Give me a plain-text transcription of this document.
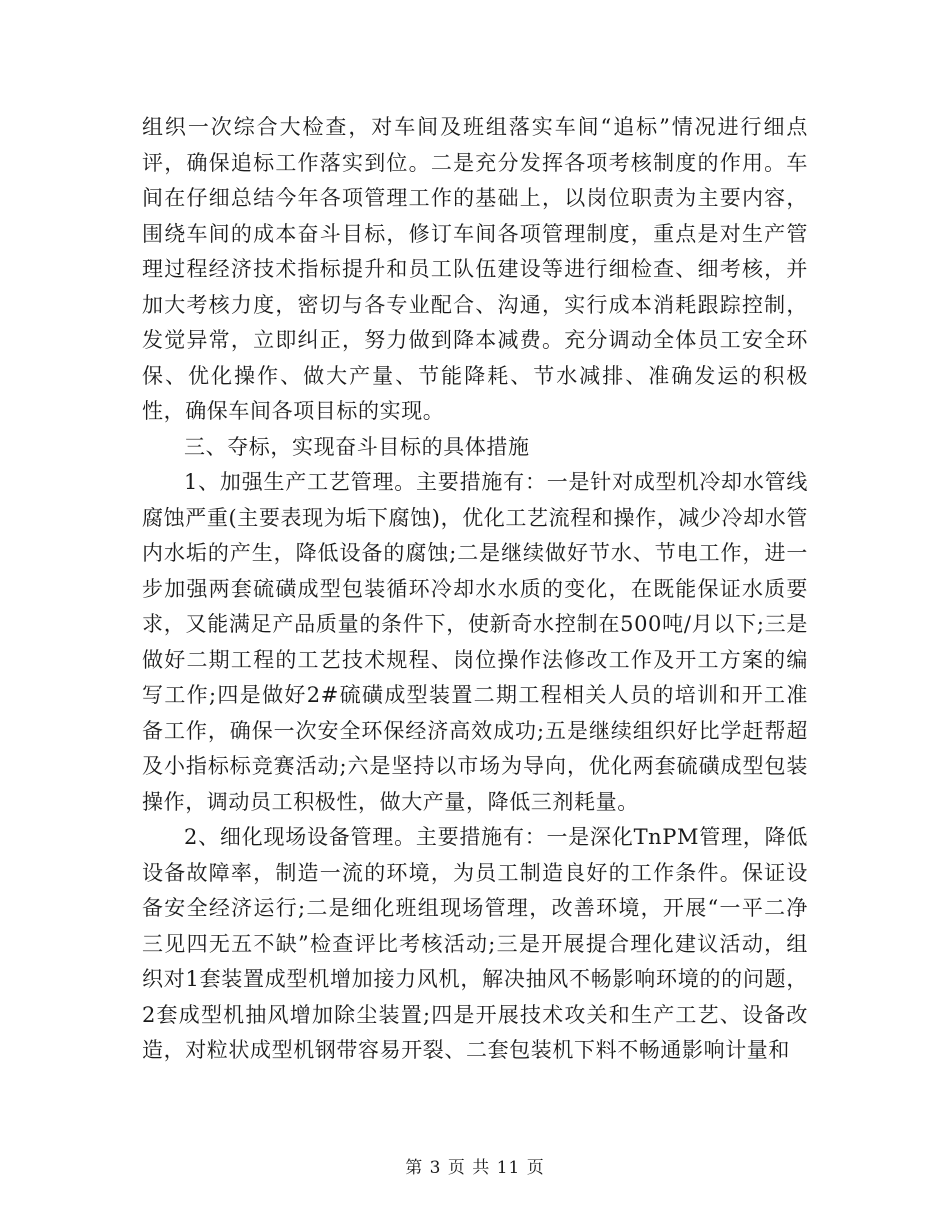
组织一次综合大检查，对车间及班组落实车间“追标”情况进行细点评，确保追标工作落实到位。二是充分发挥各项考核制度的作用。车间在仔细总结今年各项管理工作的基础上，以岗位职责为主要内容，围绕车间的成本奋斗目标，修订车间各项管理制度，重点是对生产管理过程经济技术指标提升和员工队伍建设等进行细检查、细考核，并加大考核力度，密切与各专业配合、沟通，实行成本消耗跟踪控制，发觉异常，立即纠正，努力做到降本减费。充分调动全体员工安全环保、优化操作、做大产量、节能降耗、节水减排、准确发运的积极性，确保车间各项目标的实现。

三、夺标，实现奋斗目标的具体措施

1、加强生产工艺管理。主要措施有：一是针对成型机冷却水管线腐蚀严重(主要表现为垢下腐蚀)，优化工艺流程和操作，减少冷却水管内水垢的产生，降低设备的腐蚀;二是继续做好节水、节电工作，进一步加强两套硫磺成型包装循环冷却水水质的变化，在既能保证水质要求，又能满足产品质量的条件下，使新奇水控制在500吨/月以下;三是做好二期工程的工艺技术规程、岗位操作法修改工作及开工方案的编写工作;四是做好2#硫磺成型装置二期工程相关人员的培训和开工准备工作，确保一次安全环保经济高效成功;五是继续组织好比学赶帮超及小指标标竞赛活动;六是坚持以市场为导向，优化两套硫磺成型包装操作，调动员工积极性，做大产量，降低三剂耗量。

2、细化现场设备管理。主要措施有：一是深化TnPM管理，降低设备故障率，制造一流的环境，为员工制造良好的工作条件。保证设备安全经济运行;二是细化班组现场管理，改善环境，开展“一平二净三见四无五不缺”检查评比考核活动;三是开展提合理化建议活动，组织对1套装置成型机增加接力风机，解决抽风不畅影响环境的的问题，2套成型机抽风增加除尘装置;四是开展技术攻关和生产工艺、设备改造，对粒状成型机钢带容易开裂、二套包装机下料不畅通影响计量和

第 3 页 共 11 页
